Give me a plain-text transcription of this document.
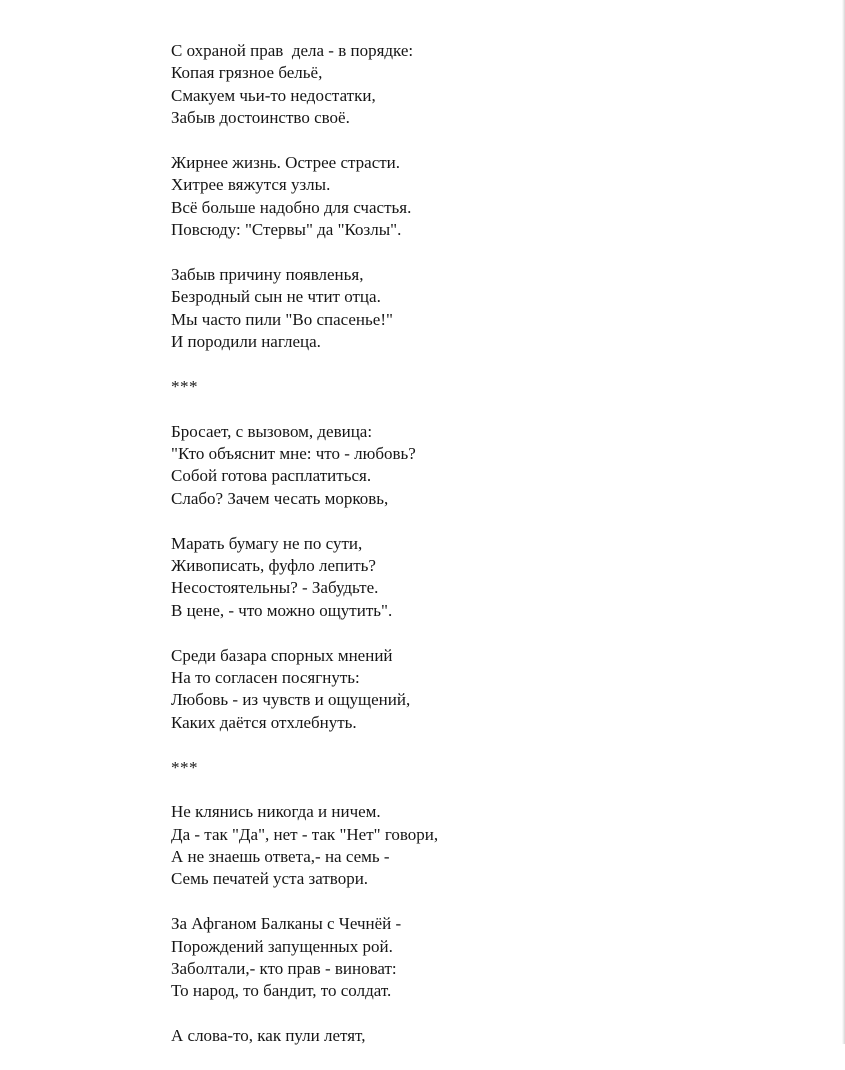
С охраной прав  дела - в порядке:
Копая грязное бельё,
Смакуем чьи-то недостатки,
Забыв достоинство своё.
Жирнее жизнь. Острее страсти.
Хитрее вяжутся узлы.
Всё больше надобно для счастья.
Повсюду: "Стервы" да "Козлы".
Забыв причину появленья,
Безродный сын не чтит отца.
Мы часто пили "Во спасенье!"
И породили наглеца.
***
Бросает, с вызовом, девица:
"Кто объяснит мне: что - любовь?
Собой готова расплатиться.
Слабо? Зачем чесать морковь,
Марать бумагу не по сути,
Живописать, фуфло лепить?
Несостоятельны? - Забудьте.
В цене, - что можно ощутить".
Среди базара спорных мнений
На то согласен посягнуть:
Любовь - из чувств и ощущений,
Каких даётся отхлебнуть.
***
Не клянись никогда и ничем.
Да - так "Да", нет - так "Нет" говори,
А не знаешь ответа,- на семь -
Семь печатей уста затвори.
За Афганом Балканы с Чечнёй -
Порождений запущенных рой.
Заболтали,- кто прав - виноват:
То народ, то бандит, то солдат.
А слова-то, как пули летят,
